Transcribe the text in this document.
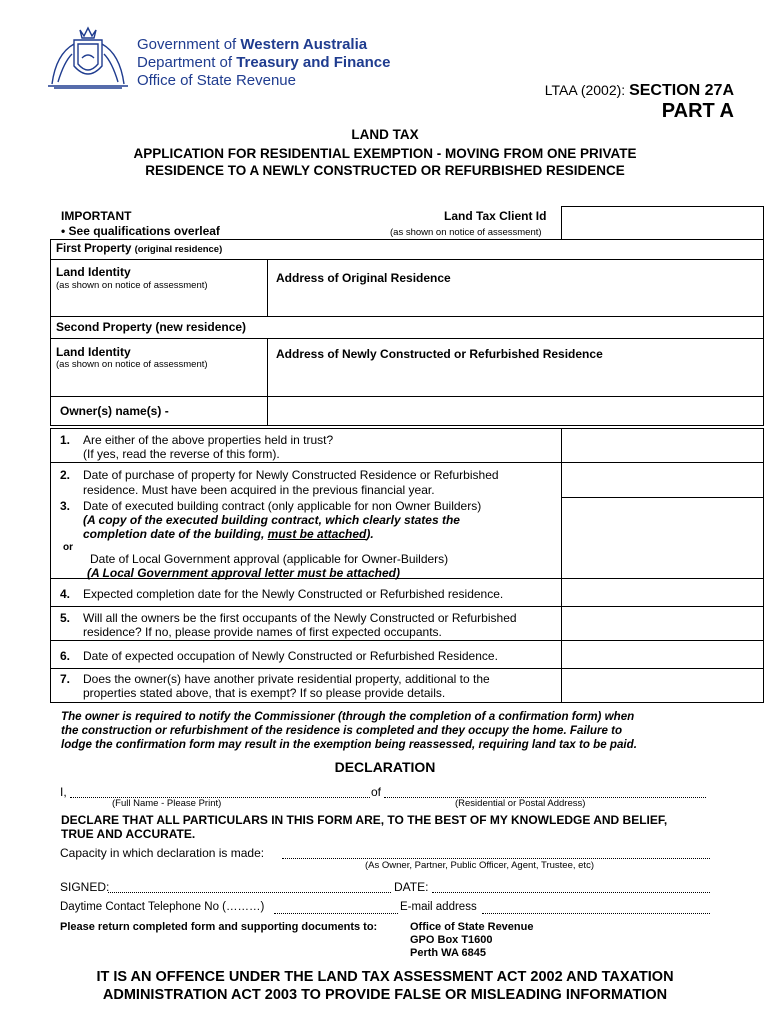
Government of Western Australia
Department of Treasury and Finance
Office of State Revenue
LTAA (2002): SECTION 27A
PART A
LAND TAX
APPLICATION FOR RESIDENTIAL EXEMPTION - MOVING FROM ONE PRIVATE
RESIDENCE TO A NEWLY CONSTRUCTED OR REFURBISHED RESIDENCE
IMPORTANT
• See qualifications overleaf
Land Tax Client Id
(as shown on notice of assessment)
First Property (original residence)
Land Identity
(as shown on notice of assessment)
Address of Original Residence
Second Property (new residence)
Land Identity
(as shown on notice of assessment)
Address of Newly Constructed or Refurbished Residence
Owner(s) name(s) -
1. Are either of the above properties held in trust?
(If yes, read the reverse of this form).
2. Date of purchase of property for Newly Constructed Residence or Refurbished
residence. Must have been acquired in the previous financial year.
3. Date of executed building contract (only applicable for non Owner Builders)
(A copy of the executed building contract, which clearly states the
completion date of the building, must be attached).
or
Date of Local Government approval (applicable for Owner-Builders)
(A Local Government approval letter must be attached)
4. Expected completion date for the Newly Constructed or Refurbished residence.
5. Will all the owners be the first occupants of the Newly Constructed or Refurbished
residence? If no, please provide names of first expected occupants.
6. Date of expected occupation of Newly Constructed or Refurbished Residence.
7. Does the owner(s) have another private residential property, additional to the
properties stated above, that is exempt? If so please provide details.
The owner is required to notify the Commissioner (through the completion of a confirmation form) when
the construction or refurbishment of the residence is completed and they occupy the home. Failure to
lodge the confirmation form may result in the exemption being reassessed, requiring land tax to be paid.
DECLARATION
I,	of
(Full Name - Please Print)	(Residential or Postal Address)
DECLARE THAT ALL PARTICULARS IN THIS FORM ARE, TO THE BEST OF MY KNOWLEDGE AND BELIEF,
TRUE AND ACCURATE.
Capacity in which declaration is made:
(As Owner, Partner, Public Officer, Agent, Trustee, etc)
SIGNED:	DATE:
Daytime Contact Telephone No (………)	E-mail address
Please return completed form and supporting documents to:	Office of State Revenue
GPO Box T1600
Perth WA 6845
IT IS AN OFFENCE UNDER THE LAND TAX ASSESSMENT ACT 2002 AND TAXATION
ADMINISTRATION ACT 2003 TO PROVIDE FALSE OR MISLEADING INFORMATION
